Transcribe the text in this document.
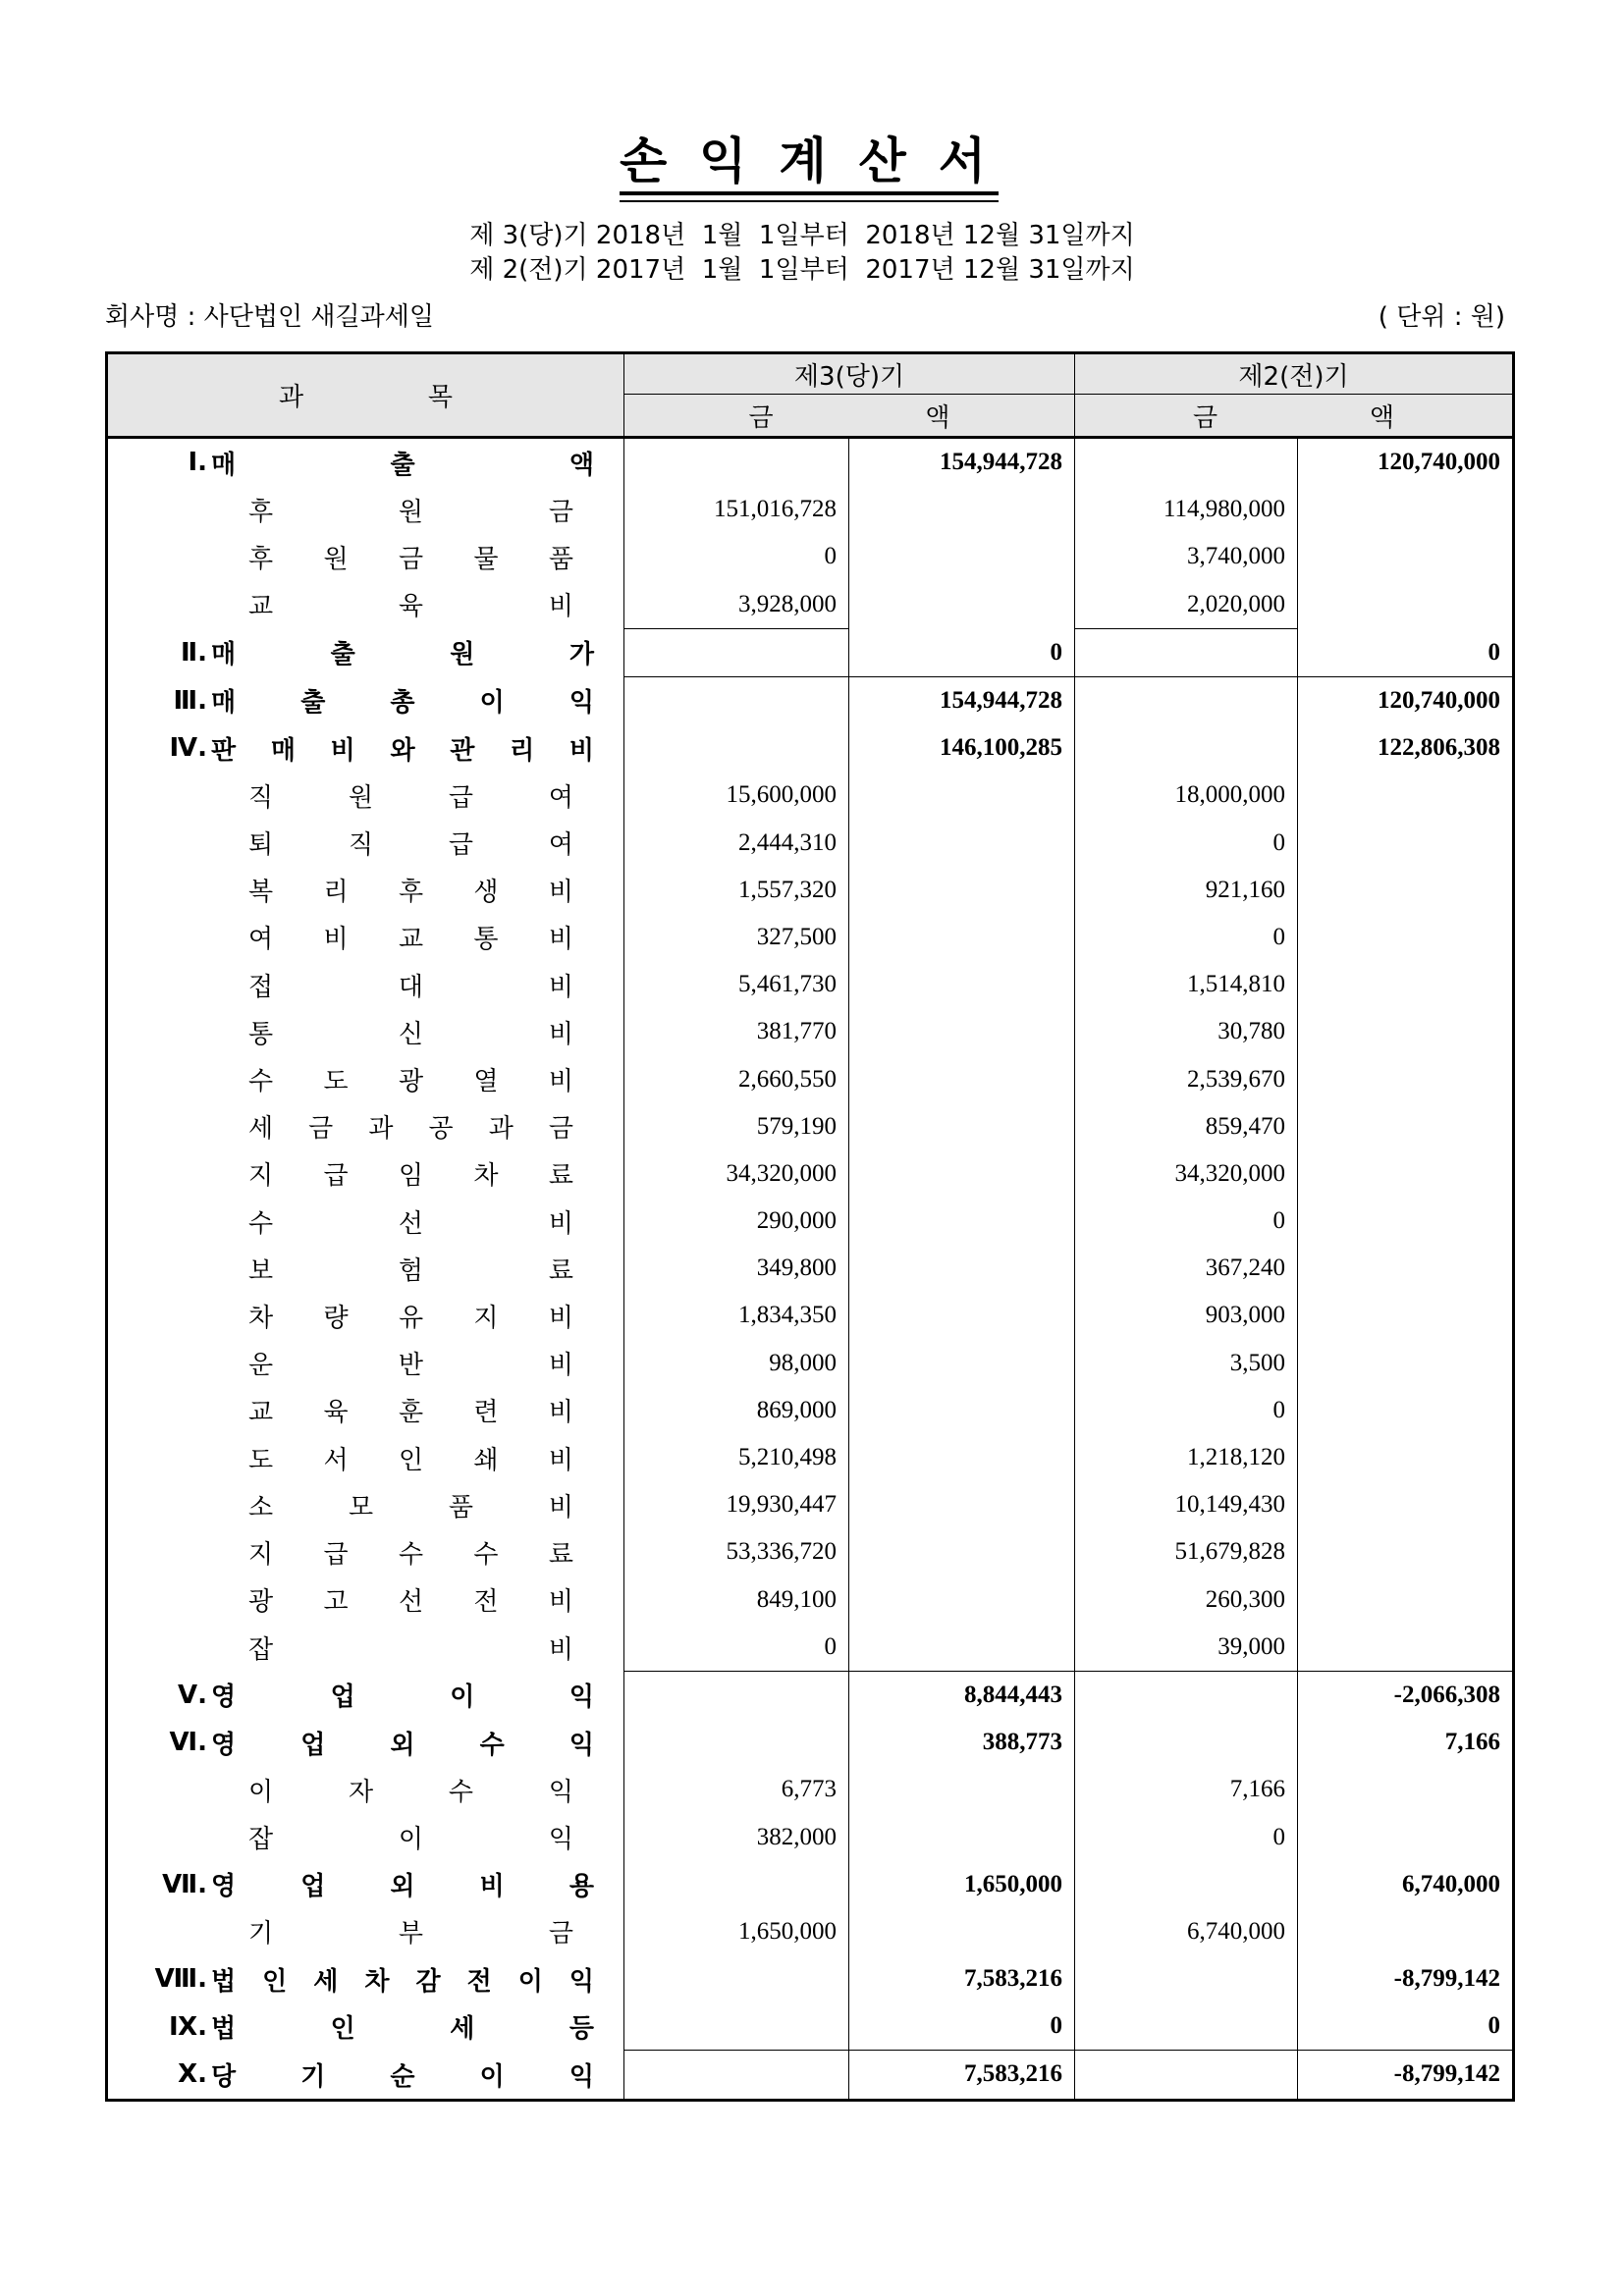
손 익 계 산 서
제 3(당)기 2018년  1월  1일부터  2018년 12월 31일까지
제 2(전)기 2017년  1월  1일부터  2017년 12월 31일까지
회사명 : 사단법인 새길과세일	( 단위 : 원)
과 목	제3(당)기		제2(전)기	
	금 액		금 액	

Ⅰ. 매 출 액		154,944,728		120,740,000

후 원 금	151,016,728		114,980,000	

후 원 금 물 품	0		3,740,000	

교 육 비	3,928,000		2,020,000	

Ⅱ. 매 출 원 가		0		0

Ⅲ. 매 출 총 이 익		154,944,728		120,740,000

Ⅳ. 판 매 비 와 관 리 비		146,100,285		122,806,308

직 원 급 여	15,600,000		18,000,000	

퇴 직 급 여	2,444,310		0	

복 리 후 생 비	1,557,320		921,160	

여 비 교 통 비	327,500		0	

접 대 비	5,461,730		1,514,810	

통 신 비	381,770		30,780	

수 도 광 열 비	2,660,550		2,539,670	

세 금 과 공 과 금	579,190		859,470	

지 급 임 차 료	34,320,000		34,320,000	

수 선 비	290,000		0	

보 험 료	349,800		367,240	

차 량 유 지 비	1,834,350		903,000	

운 반 비	98,000		3,500	

교 육 훈 련 비	869,000		0	

도 서 인 쇄 비	5,210,498		1,218,120	

소 모 품 비	19,930,447		10,149,430	

지 급 수 수 료	53,336,720		51,679,828	

광 고 선 전 비	849,100		260,300	

잡 비	0		39,000	

Ⅴ. 영 업 이 익		8,844,443		-2,066,308

Ⅵ. 영 업 외 수 익		388,773		7,166

이 자 수 익	6,773		7,166	

잡 이 익	382,000		0	

Ⅶ. 영 업 외 비 용		1,650,000		6,740,000

기 부 금	1,650,000		6,740,000	

Ⅷ. 법 인 세 차 감 전 이 익		7,583,216		-8,799,142

Ⅸ. 법 인 세 등		0		0

Ⅹ. 당 기 순 이 익		7,583,216		-8,799,142
